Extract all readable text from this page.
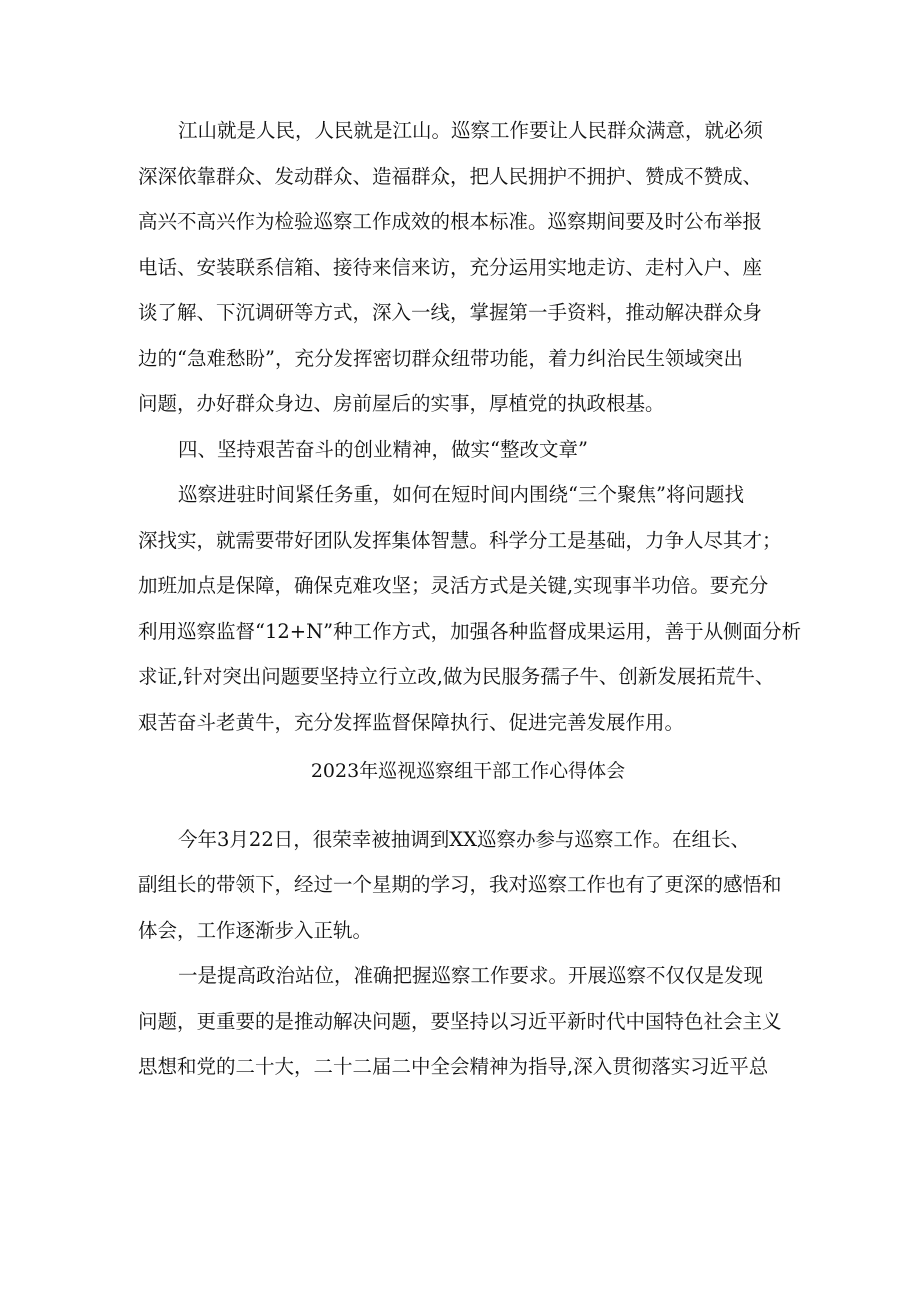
江山就是人民，人民就是江山。巡察工作要让人民群众满意，就必须
深深依靠群众、发动群众、造福群众，把人民拥护不拥护、赞成不赞成、
高兴不高兴作为检验巡察工作成效的根本标准。巡察期间要及时公布举报
电话、安装联系信箱、接待来信来访，充分运用实地走访、走村入户、座
谈了解、下沉调研等方式，深入一线，掌握第一手资料，推动解决群众身
边的“急难愁盼”，充分发挥密切群众纽带功能，着力纠治民生领域突出
问题，办好群众身边、房前屋后的实事，厚植党的执政根基。
四、坚持艰苦奋斗的创业精神，做实“整改文章”
巡察进驻时间紧任务重，如何在短时间内围绕“三个聚焦”将问题找
深找实，就需要带好团队发挥集体智慧。科学分工是基础，力争人尽其才；
加班加点是保障，确保克难攻坚；灵活方式是关键,实现事半功倍。要充分
利用巡察监督“12+N”种工作方式，加强各种监督成果运用，善于从侧面分析
求证,针对突出问题要坚持立行立改,做为民服务孺子牛、创新发展拓荒牛、
艰苦奋斗老黄牛，充分发挥监督保障执行、促进完善发展作用。
2023年巡视巡察组干部工作心得体会
今年3月22日，很荣幸被抽调到XX巡察办参与巡察工作。在组长、
副组长的带领下，经过一个星期的学习，我对巡察工作也有了更深的感悟和
体会，工作逐渐步入正轨。
一是提高政治站位，准确把握巡察工作要求。开展巡察不仅仅是发现
问题，更重要的是推动解决问题，要坚持以习近平新时代中国特色社会主义
思想和党的二十大，二十二届二中全会精神为指导,深入贯彻落实习近平总
